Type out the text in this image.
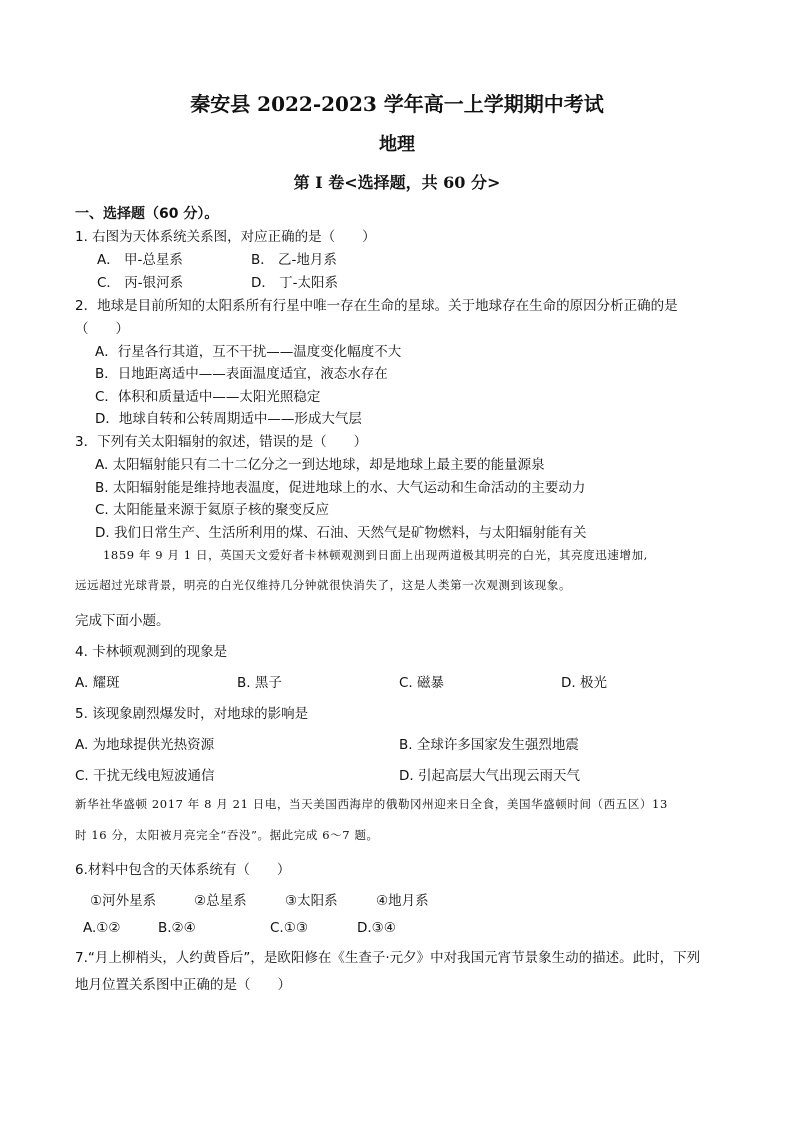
秦安县 2022-2023 学年高一上学期期中考试
地理
第 I 卷<选择题，共 60 分>
一、选择题（60 分）。
1. 右图为天体系统关系图，对应正确的是（　　）
A． 甲-总星系	B． 乙-地月系
C． 丙-银河系	D． 丁-太阳系
2．地球是目前所知的太阳系所有行星中唯一存在生命的星球。关于地球存在生命的原因分析正确的是
（　　）
A．行星各行其道，互不干扰——温度变化幅度不大
B．日地距离适中——表面温度适宜，液态水存在
C．体积和质量适中——太阳光照稳定
D．地球自转和公转周期适中——形成大气层
3．下列有关太阳辐射的叙述，错误的是（　　）
A. 太阳辐射能只有二十二亿分之一到达地球，却是地球上最主要的能量源泉
B. 太阳辐射能是维持地表温度，促进地球上的水、大气运动和生命活动的主要动力
C. 太阳能量来源于氦原子核的聚变反应
D. 我们日常生产、生活所利用的煤、石油、天然气是矿物燃料，与太阳辐射能有关
1859 年 9 月 1 日，英国天文爱好者卡林顿观测到日面上出现两道极其明亮的白光，其亮度迅速增加,
远远超过光球背景，明亮的白光仅维持几分钟就很快消失了，这是人类第一次观测到该现象。
完成下面小题。
4. 卡林顿观测到的现象是
A. 耀斑	B. 黑子	C. 磁暴	D. 极光
5. 该现象剧烈爆发时，对地球的影响是
A. 为地球提供光热资源	B. 全球许多国家发生强烈地震
C. 干扰无线电短波通信	D. 引起高层大气出现云雨天气
新华社华盛顿 2017 年 8 月 21 日电，当天美国西海岸的俄勒冈州迎来日全食，美国华盛顿时间（西五区）13
时 16 分，太阳被月亮完全“吞没”。据此完成 6～7 题。
6.材料中包含的天体系统有（　　）
①河外星系	②总星系	③太阳系	④地月系
A.①②	B.②④	C.①③	D.③④
7.“月上柳梢头，人约黄昏后”，是欧阳修在《生查子·元夕》中对我国元宵节景象生动的描述。此时，下列
地月位置关系图中正确的是（　　）
